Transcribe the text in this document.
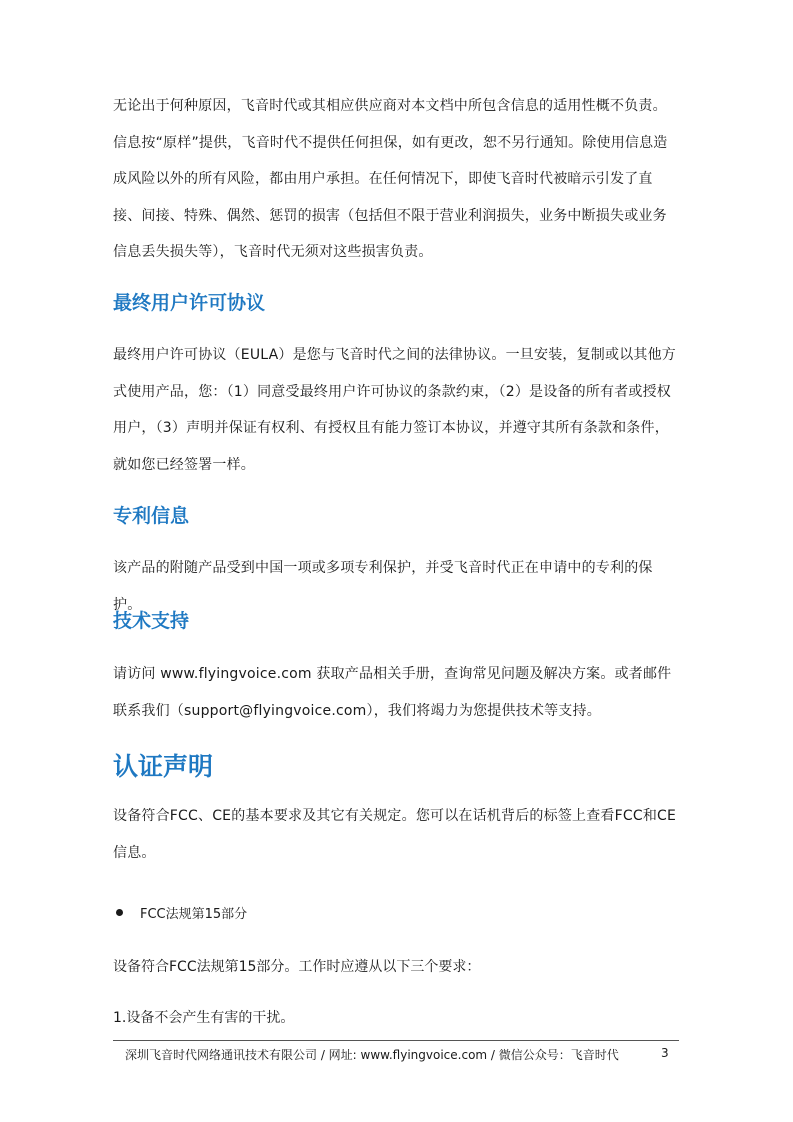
无论出于何种原因，飞音时代或其相应供应商对本文档中所包含信息的适用性概不负责。信息按“原样”提供，飞音时代不提供任何担保，如有更改，恕不另行通知。除使用信息造成风险以外的所有风险，都由用户承担。在任何情况下，即使飞音时代被暗示引发了直接、间接、特殊、偶然、惩罚的损害（包括但不限于营业利润损失，业务中断损失或业务信息丢失损失等），飞音时代无须对这些损害负责。

最终用户许可协议

最终用户许可协议（EULA）是您与飞音时代之间的法律协议。一旦安装，复制或以其他方式使用产品，您：（1）同意受最终用户许可协议的条款约束，（2）是设备的所有者或授权用户，（3）声明并保证有权利、有授权且有能力签订本协议，并遵守其所有条款和条件，就如您已经签署一样。

专利信息

该产品的附随产品受到中国一项或多项专利保护，并受飞音时代正在申请中的专利的保护。

技术支持

请访问 www.flyingvoice.com 获取产品相关手册，查询常见问题及解决方案。或者邮件联系我们（support@flyingvoice.com），我们将竭力为您提供技术等支持。

认证声明

设备符合FCC、CE的基本要求及其它有关规定。您可以在话机背后的标签上查看FCC和CE信息。

FCC法规第15部分

设备符合FCC法规第15部分。工作时应遵从以下三个要求：

1.设备不会产生有害的干扰。

深圳飞音时代网络通讯技术有限公司 / 网址: www.flyingvoice.com / 微信公众号：飞音时代	3
